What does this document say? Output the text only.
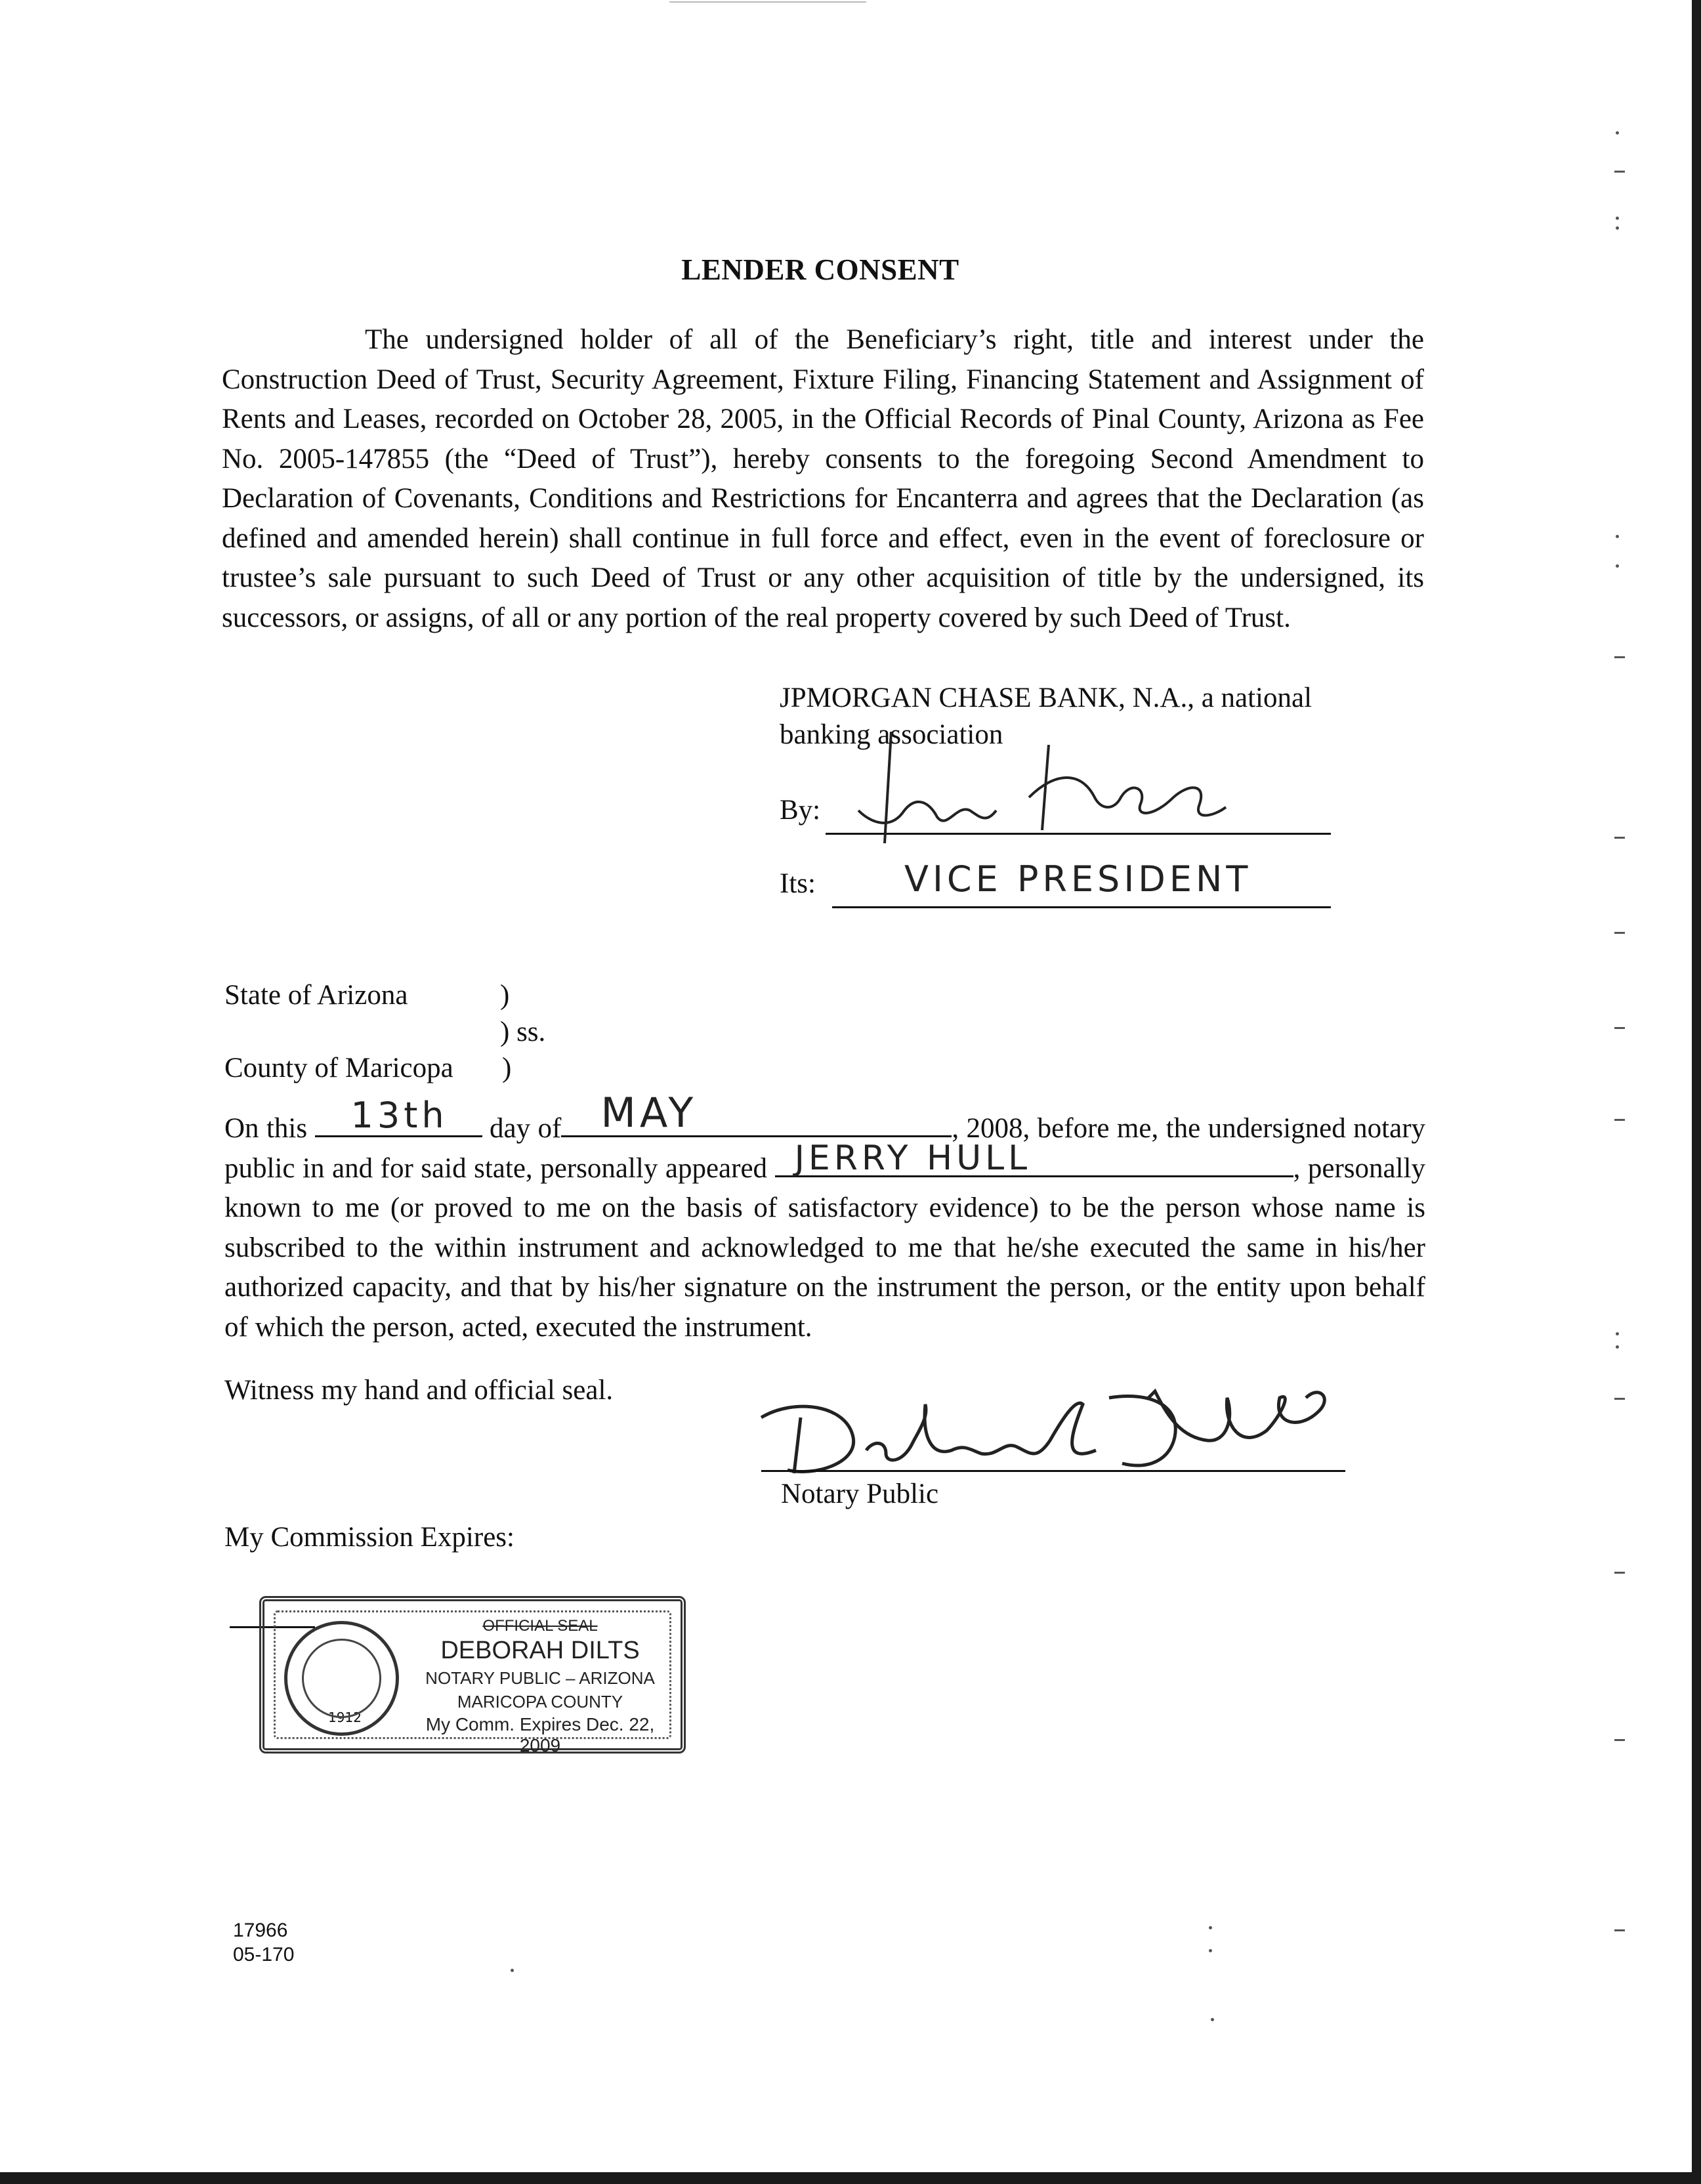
LENDER CONSENT
The undersigned holder of all of the Beneficiary’s right, title and interest under the Construction Deed of Trust, Security Agreement, Fixture Filing, Financing Statement and Assignment of Rents and Leases, recorded on October 28, 2005, in the Official Records of Pinal County, Arizona as Fee No. 2005-147855 (the “Deed of Trust”), hereby consents to the foregoing Second Amendment to Declaration of Covenants, Conditions and Restrictions for Encanterra and agrees that the Declaration (as defined and amended herein) shall continue in full force and effect, even in the event of foreclosure or trustee’s sale pursuant to such Deed of Trust or any other acquisition of title by the undersigned, its successors, or assigns, of all or any portion of the real property covered by such Deed of Trust.
JPMORGAN CHASE BANK, N.A., a national
banking association
By:
Its:	VICE PRESIDENT
State of Arizona	)
) ss.
County of Maricopa )
On this 13th day of MAY	, 2008, before me, the undersigned notary public in and for said state, personally appeared JERRY HULL	, personally known to me (or proved to me on the basis of satisfactory evidence) to be the person whose name is subscribed to the within instrument and acknowledged to me that he/she executed the same in his/her authorized capacity, and that by his/her signature on the instrument the person, or the entity upon behalf of which the person, acted, executed the instrument.
Witness my hand and official seal.
Notary Public
My Commission Expires:
1912
OFFICIAL SEAL
DEBORAH DILTS
NOTARY PUBLIC – ARIZONA
MARICOPA COUNTY
My Comm. Expires Dec. 22, 2009
17966
05-170
